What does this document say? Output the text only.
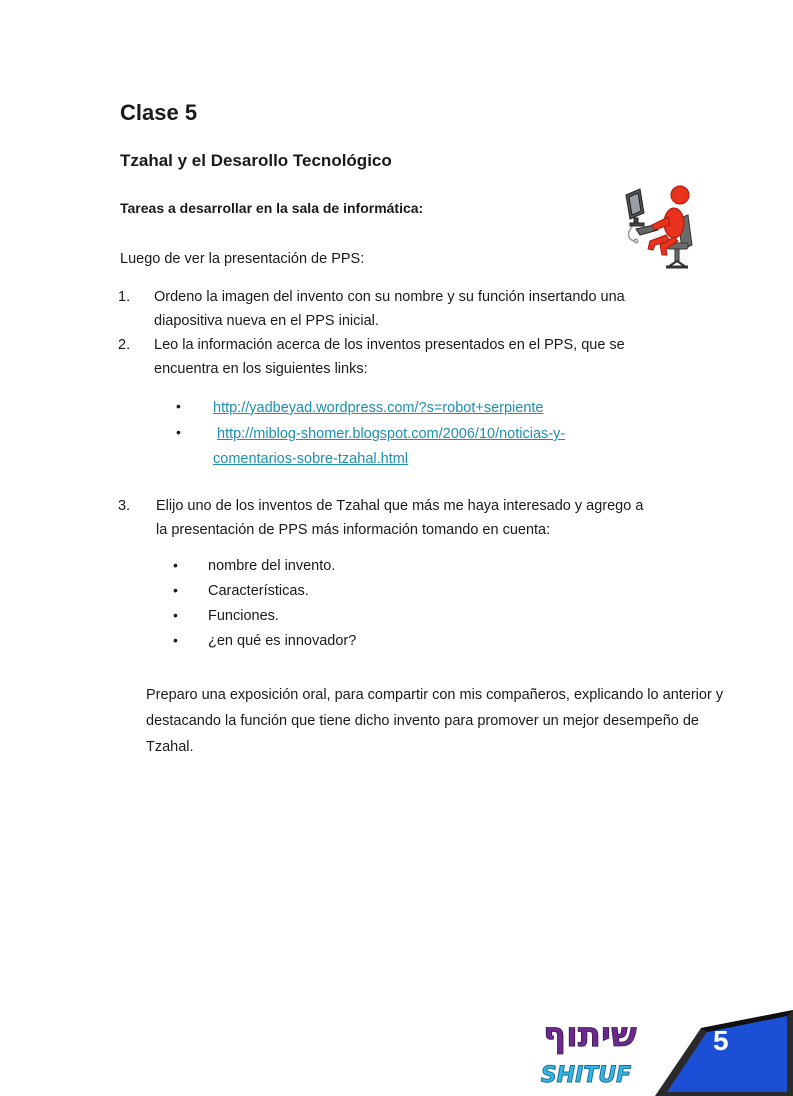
Clase 5
Tzahal y el Desarollo Tecnológico
Tareas a desarrollar en la sala de informática:
Luego de ver la presentación de PPS:
1. Ordeno la imagen del invento con su nombre y su función insertando una
diapositiva nueva en el PPS inicial.
2. Leo la información acerca de los inventos presentados en el PPS, que se
encuentra en los siguientes links:
• http://yadbeyad.wordpress.com/?s=robot+serpiente
• http://miblog-shomer.blogspot.com/2006/10/noticias-y-
comentarios-sobre-tzahal.html
3. Elijo uno de los inventos de Tzahal que más me haya interesado y agrego a
la presentación de PPS más información tomando en cuenta:
• nombre del invento.
• Características.
• Funciones.
• ¿en qué es innovador?
Preparo una exposición oral, para compartir con mis compañeros, explicando lo anterior y destacando la función que tiene dicho invento para promover un mejor desempeño de Tzahal.
שיתוף
SHITUF
5
